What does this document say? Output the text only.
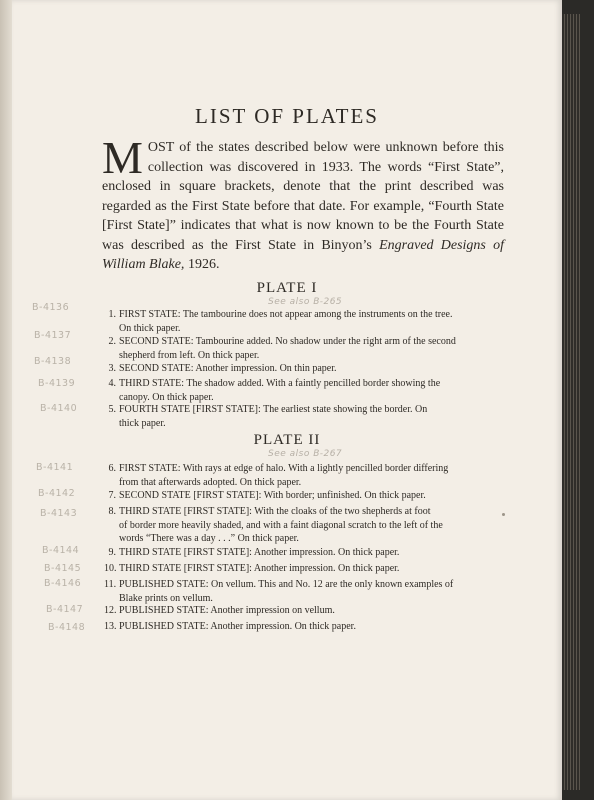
LIST OF PLATES
MOST of the states described below were unknown before this collection was discovered in 1933. The words “First State”, enclosed in square brackets, denote that the print described was regarded as the First State before that date. For example, “Fourth State [First State]” indicates that what is now known to be the Fourth State was described as the First State in Binyon’s Engraved Designs of William Blake, 1926.
PLATE I
See also B-265
1. FIRST STATE: The tambourine does not appear among the instruments on the tree.
On thick paper.
2. SECOND STATE: Tambourine added. No shadow under the right arm of the second
shepherd from left. On thick paper.
3. SECOND STATE: Another impression. On thin paper.
4. THIRD STATE: The shadow added. With a faintly pencilled border showing the
canopy. On thick paper.
5. FOURTH STATE [FIRST STATE]: The earliest state showing the border. On
thick paper.
PLATE II
See also B-267
6. FIRST STATE: With rays at edge of halo. With a lightly pencilled border differing
from that afterwards adopted. On thick paper.
7. SECOND STATE [FIRST STATE]: With border; unfinished. On thick paper.
8. THIRD STATE [FIRST STATE]: With the cloaks of the two shepherds at foot
of border more heavily shaded, and with a faint diagonal scratch to the left of the
words “There was a day . . .” On thick paper.
9. THIRD STATE [FIRST STATE]: Another impression. On thick paper.
10. THIRD STATE [FIRST STATE]: Another impression. On thick paper.
11. PUBLISHED STATE: On vellum. This and No. 12 are the only known examples of
Blake prints on vellum.
12. PUBLISHED STATE: Another impression on vellum.
13. PUBLISHED STATE: Another impression. On thick paper.
B-4136
B-4137
B-4138
B-4139
B-4140
B-4141
B-4142
B-4143
B-4144
B-4145
B-4146
B-4147
B-4148
